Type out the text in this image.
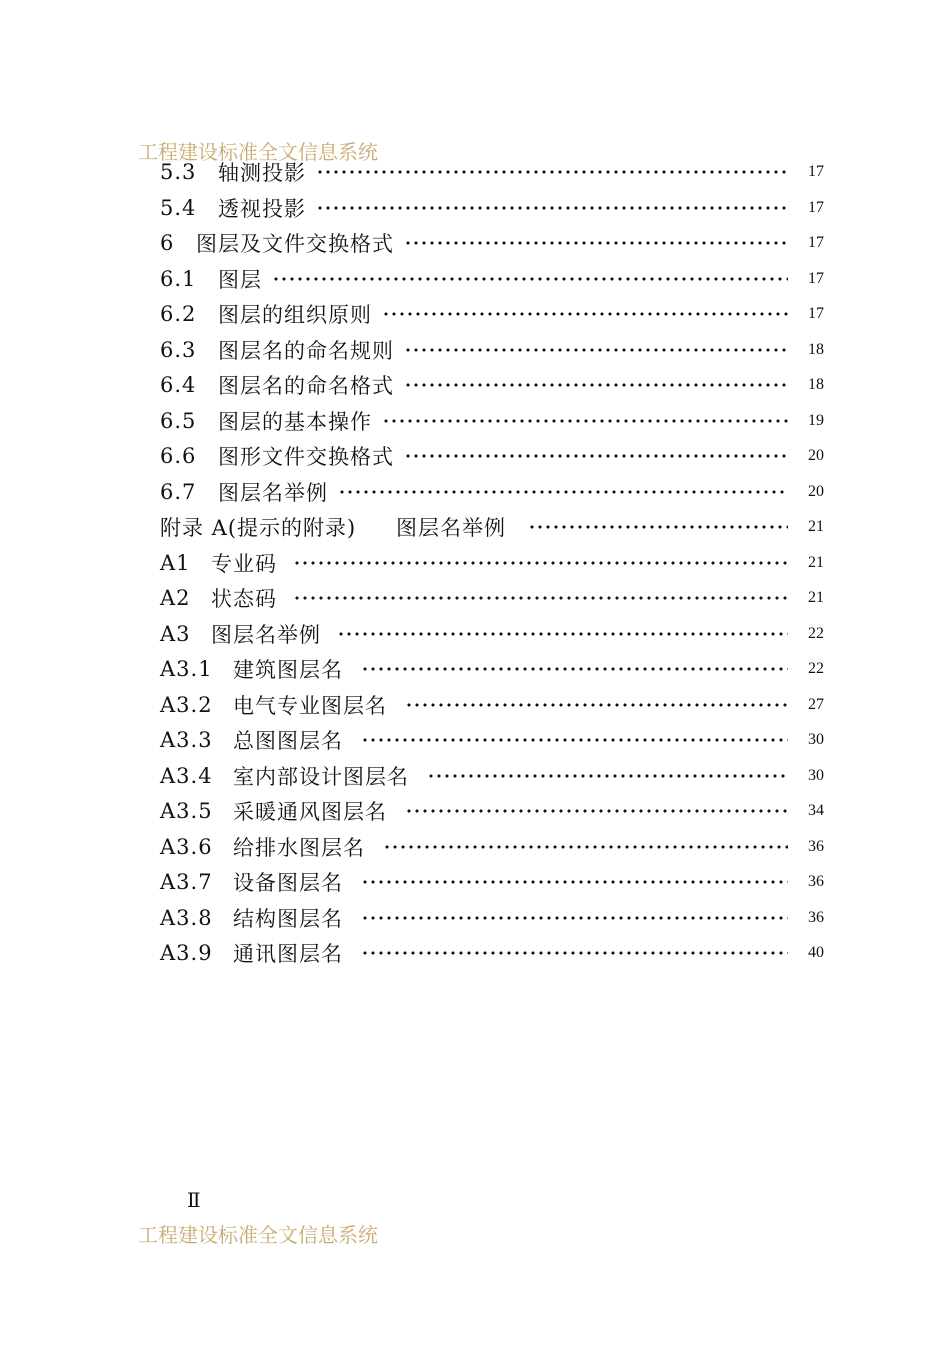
工程建设标准全文信息系统
5.3	轴测投影	17
5.4	透视投影	17
6	图层及文件交换格式	17
6.1	图层	17
6.2	图层的组织原则	17
6.3	图层名的命名规则	18
6.4	图层名的命名格式	18
6.5	图层的基本操作	19
6.6	图形文件交换格式	20
6.7	图层名举例	20
附录 A(提示的附录)	图层名举例	21
A1 专业码	21
A2 状态码	21
A3 图层名举例	22
A3.1 建筑图层名	22
A3.2 电气专业图层名	27
A3.3 总图图层名	30
A3.4 室内部设计图层名	30
A3.5 采暖通风图层名	34
A3.6 给排水图层名	36
A3.7 设备图层名	36
A3.8 结构图层名	36
A3.9 通讯图层名	40
Ⅱ
工程建设标准全文信息系统
